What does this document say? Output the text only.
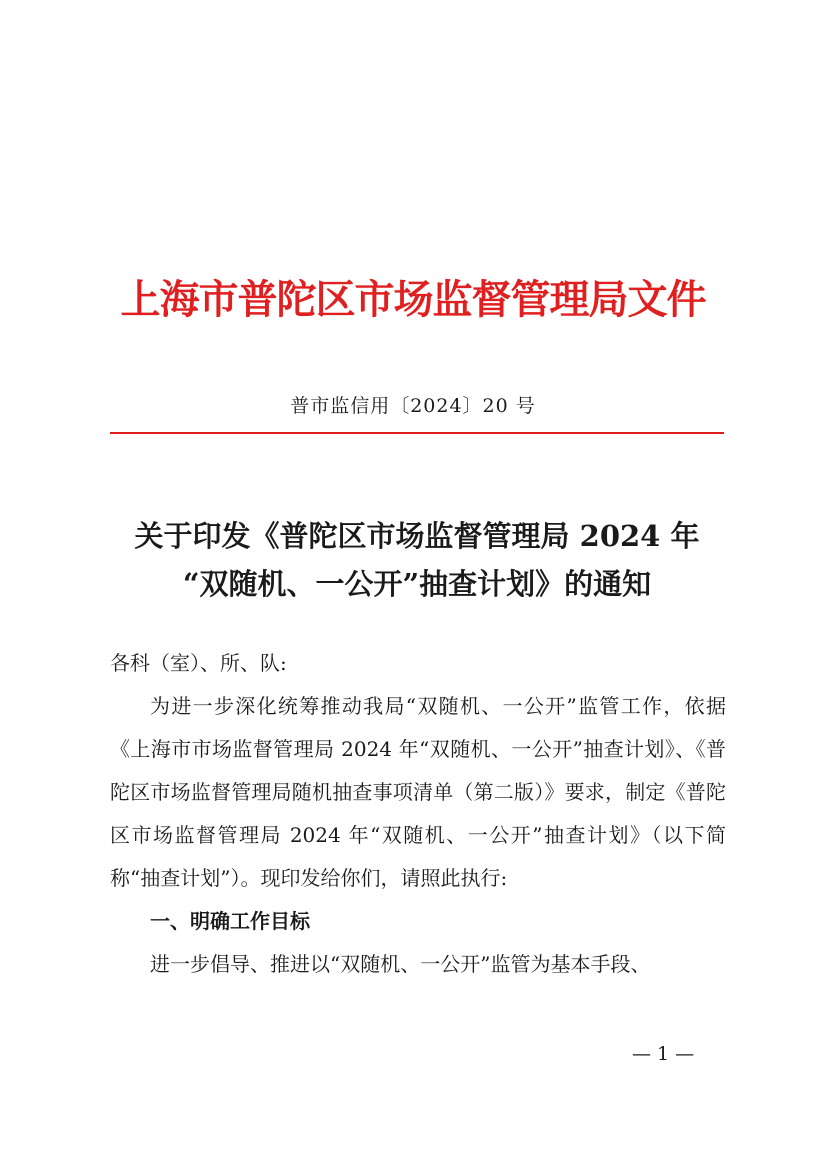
上海市普陀区市场监督管理局文件
普市监信用〔2024〕20 号
关于印发《普陀区市场监督管理局 2024 年
“双随机、一公开”抽查计划》的通知

各科（室）、所、队:

为进一步深化统筹推动我局“双随机、一公开”监管工作，依据《上海市市场监督管理局 2024 年“双随机、一公开”抽查计划》、《普陀区市场监督管理局随机抽查事项清单（第二版）》要求，制定《普陀区市场监督管理局 2024 年“双随机、一公开”抽查计划》（以下简称“抽查计划”）。现印发给你们，请照此执行:

一、明确工作目标

进一步倡导、推进以“双随机、一公开”监管为基本手段、

— 1 —
